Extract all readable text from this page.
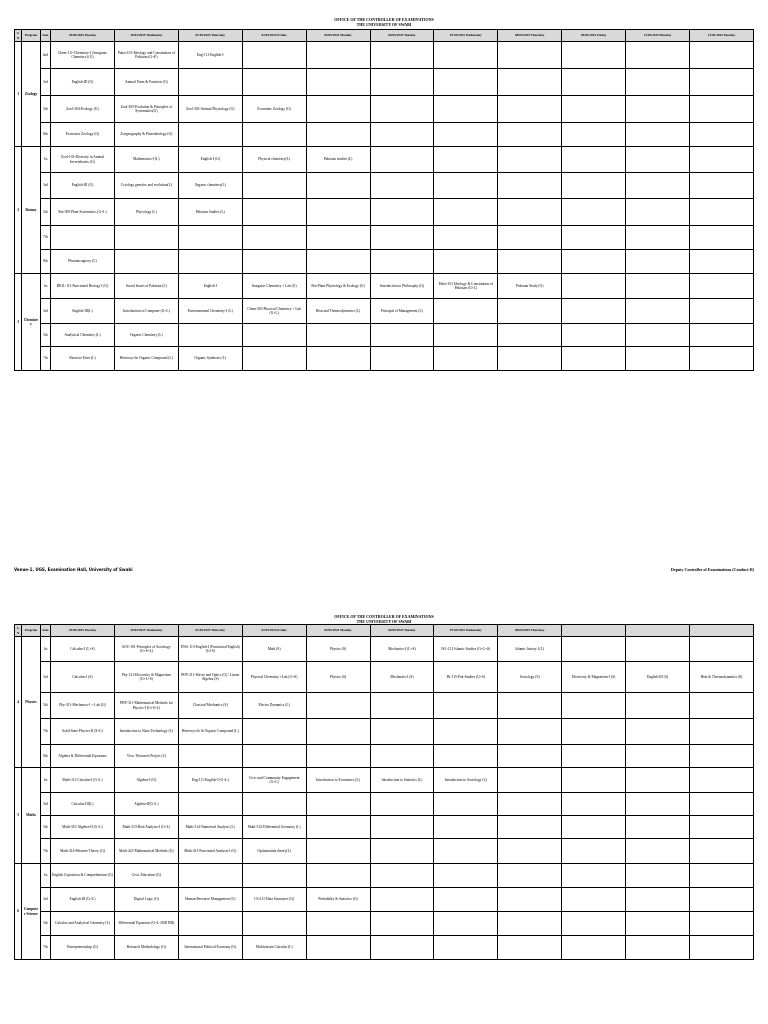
OFFICE OF THE CONTROLLER OF EXAMINATIONS
THE UNIVERSITY OF SWABI
S.N	Program	Sem	29/04/2025 Tuesday	30/04/2025 Wednesday	01/05/2025 Thursday	02/05/2025 Friday	05/05/2025 Monday	06/05/2025 Tuesday	07/05/2025 Wednesday	08/05/2025 Thursday	09/05/2025 Friday	12/05/2025 Monday	13/05/2025 Tuesday
1	Zoology	2nd	Chem-111-Chemistry-I (Inorganic Chemistry) (G)	Pakst-101-Ideology and Constitution of Pakistan (G+E)	Eng-111-English-I								
		3rd	English-III (G)	Animal Form & Function (G)									
		5th	Zool-304-Ecology (G)	Zool-305-Evolution & Principles of Systematics(G)	Zool-303-Animal Physiology (G)	Economic Zoology (G)							
		8th	Economic Zoology (G)	Zoogeography & Palaeobiology (G)									
2	Botany	1st	Zool-101-Diversity in Animal Invertebrates (G)	Mathematics-I (L)	English-I (G)	Physical chemistry(L)	Pakistan studies (L)						
		3rd	English-III (G)	Cytology genetics and evolution(L)	Organic chemistry(L)								
		5th	Bot-509 Plant Systematics (G+L)	Phycology (L)	Pakistan Studies (L)								
		7th											
		8th	Pharmacognosy (L)										
3	Chemistry	1st	BIOL-111-Functional Biology I (G)	Social Issues of Pakistan (L)	English-I	Inorganic Chemistry + Lab (G)	Bot-Plant Physiology & Ecology (G)	Introduction to Philosophy (G)	Pakst-101 Ideology & Constitution of Pakistan (G+L)	Pakistan Study (G)			
		3rd	English-III(L)	Introduction to Computer (G+L)	Environmental Chemistry-I (L)	Chem-303 Physical Chemistry + Lab (G+L)	Heat and Thermodynamics (L)	Principal of Management (L)					
		5th	Analytical Chemistry (L)	Organic Chemistry (L)									
		7th	Reactive Ester (L)	Heterocyclic Organic Compound (L)	Organic Synthesis (L)								
Venue-1, UGS, Examination Hall, University of Swabi	Deputy Controller of Examinations (Conduct-II)
OFFICE OF THE CONTROLLER OF EXAMINATIONS
THE UNIVERSITY OF SWABI
S.N	Program	Sem	29/04/2025 Tuesday	30/04/2025 Wednesday	01/05/2025 Thursday	02/05/2025 Friday	05/05/2025 Monday	06/05/2025 Tuesday	07/05/2025 Wednesday	08/05/2025 Thursday			
4	Physics	1st	Calculus-I (L+S)	SOC-101-Principles of Sociology (G+S+L)	ENG-113-English-I (Functional English) (G+S)	Math (S)	Physics (S)	Mechanics-I (L+S)	ISL-121 Islamic Studies (G+L+S)	Islamic history 1(L)			
		3rd	Calculus-I (S)	Phy-121-Electricity & Magnetism (G+L+S)	PHY-211-Waves and Optics (G) / Linear Algebra (S)	Physical Chemistry +Lab (G+S)	Physics (S)	Mechanics-I (S)	Pk-115-Pak-Studies (G+S)	Sociology (S)	Electricity & Magnetism-I (S)	English-III (S)	Heat & Thermodynamics (S)
		5th	Phy-311-Mechanics-I + Lab (G)	PHY-311-Mathematical Methods for Physics-I (G+S+L)	Classical Mechanics (S)	Electro Dynamics (L)							
		7th	Solid State Physics-II (S+L)	Introduction to Nano Technology (L)	Heterocyclic & Organic Compound (L)								
		8th	Algebra & Differential Equations	Viva / Research Project (L)									
5	Maths	1st	Math-111-Calculus-I (G+L)	Algebra-I (G)	Eng-111-English-I (G+L)	Civic and Community Engagement (G+L)	Introduction to Economics (L)	Introduction to Statistics (L)	Introduction to Sociology (L)				
		3rd	Calculus-III(L)	Algebra-II(G+L)									
		5th	Math-315-Algebra-II (G+L)	Math-313-Real Analysis-I (G+L)	Math-314-Numerical Analysis (L)	Math-312-Differential Geometry (L)							
		7th	Math-414-Measure Theory (G)	Math-421-Mathematical Methods (G)	Math-411-Functional Analysis-I (G)	Optimization theory(L)							
6	Computer Science	1st	English Coposition & Comprehension (G)	Civic Education (G)									
		3rd	English-III (G+L)	Digital Logic (G)	Human Resource Management (G)	CS-211-Data Structures (G)	Probability & Statistics (G)						
		5th	Calculus and Analytical Geometry (L)	Differential Equations (G+L+MD BH)									
		7th	Entrepreneurship (G)	Research Methodology (G)	International Political Economy (G)	Multivariate Calculus (L)							
